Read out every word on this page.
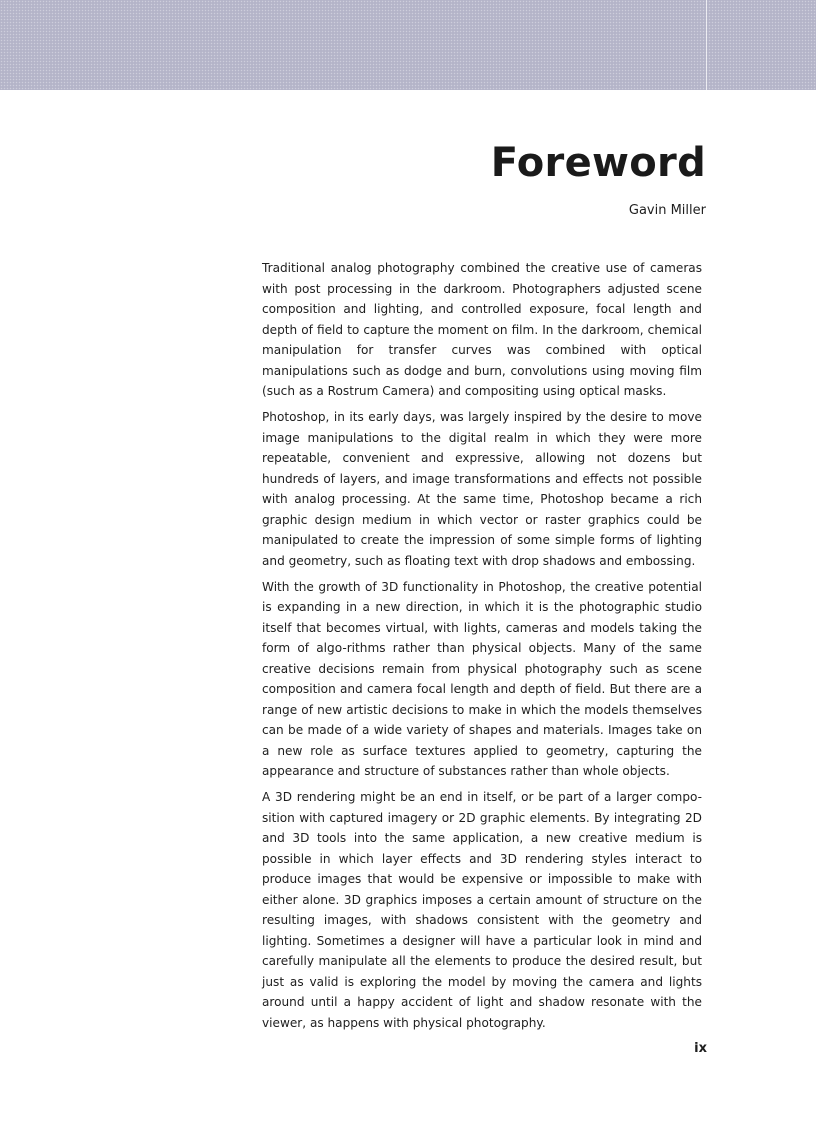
Foreword
Gavin Miller

Traditional analog photography combined the creative use of cameras with post processing in the darkroom. Photographers adjusted scene composition and lighting, and controlled exposure, focal length and depth of field to capture the moment on film. In the darkroom, chemical manipulation for transfer curves was combined with optical manipulations such as dodge and burn, convolutions using moving film (such as a Rostrum Camera) and compositing using optical masks.

Photoshop, in its early days, was largely inspired by the desire to move image manipulations to the digital realm in which they were more repeatable, convenient and expressive, allowing not dozens but hundreds of layers, and image transformations and effects not possible with analog processing. At the same time, Photoshop became a rich graphic design medium in which vector or raster graphics could be manipulated to create the impression of some simple forms of lighting and geometry, such as floating text with drop shadows and embossing.

With the growth of 3D functionality in Photoshop, the creative potential is expanding in a new direction, in which it is the photographic studio itself that becomes virtual, with lights, cameras and models taking the form of algo-rithms rather than physical objects. Many of the same creative decisions remain from physical photography such as scene composition and camera focal length and depth of field. But there are a range of new artistic decisions to make in which the models themselves can be made of a wide variety of shapes and materials. Images take on a new role as surface textures applied to geometry, capturing the appearance and structure of substances rather than whole objects.

A 3D rendering might be an end in itself, or be part of a larger compo-sition with captured imagery or 2D graphic elements. By integrating 2D and 3D tools into the same application, a new creative medium is possible in which layer effects and 3D rendering styles interact to produce images that would be expensive or impossible to make with either alone. 3D graphics imposes a certain amount of structure on the resulting images, with shadows consistent with the geometry and lighting. Sometimes a designer will have a particular look in mind and carefully manipulate all the elements to produce the desired result, but just as valid is exploring the model by moving the camera and lights around until a happy accident of light and shadow resonate with the viewer, as happens with physical photography.

ix
